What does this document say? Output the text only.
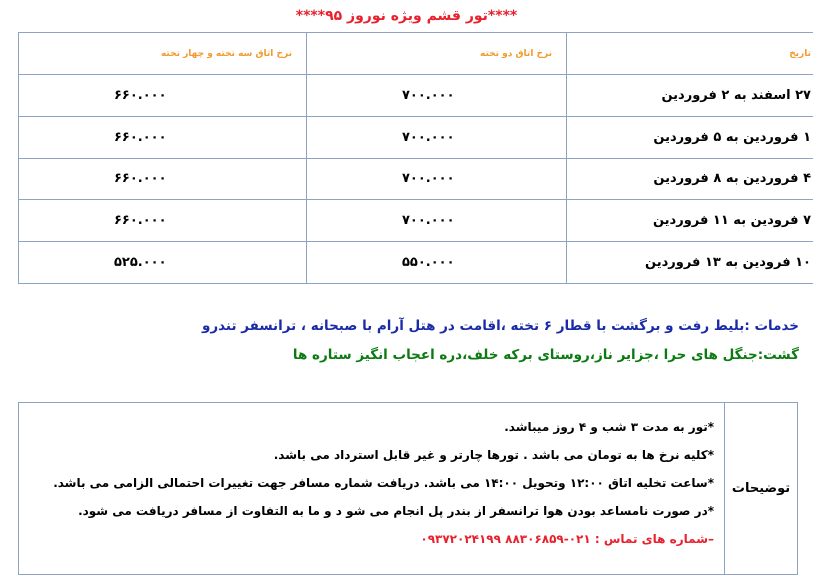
****تور قشم ویژه نوروز ۹۵****
تاریخ	نرخ اتاق دو تخته	نرخ اتاق سه تخته و چهار تخته
۲۷ اسفند به ۲ فروردین	۷۰۰.۰۰۰	۶۶۰.۰۰۰
۱ فروردین به ۵ فروردین	۷۰۰.۰۰۰	۶۶۰.۰۰۰
۴ فروردین به ۸ فروردین	۷۰۰.۰۰۰	۶۶۰.۰۰۰
۷ فرودین به ۱۱ فروردین	۷۰۰.۰۰۰	۶۶۰.۰۰۰
۱۰ فرودین به ۱۳ فروردین	۵۵۰.۰۰۰	۵۲۵.۰۰۰
خدمات :بلیط رفت و برگشت با قطار ۶ تخته ،اقامت در هتل آرام با صبحانه ، ترانسفر تندرو
گشت:جنگل های حرا ،جزایر ناز،روستای برکه خلف،دره اعجاب انگیز ستاره ها
توضیحات	
*تور به مدت ۳ شب و ۴ روز میباشد.
*کلیه نرخ ها به تومان می باشد . تورها چارتر و غیر قابل استرداد می باشد.
*ساعت تخلیه اتاق ۱۲:۰۰ وتحویل ۱۴:۰۰ می باشد. دریافت شماره مسافر جهت تغییرات احتمالی الزامی می باشد.
*در صورت نامساعد بودن هوا ترانسفر از بندر پل انجام می شو د و ما به التفاوت از مسافر دریافت می شود.
–شماره های تماس : ۰۲۱-۸۸۳۰۶۸۵۹ ۰۹۳۷۲۰۲۴۱۹۹
